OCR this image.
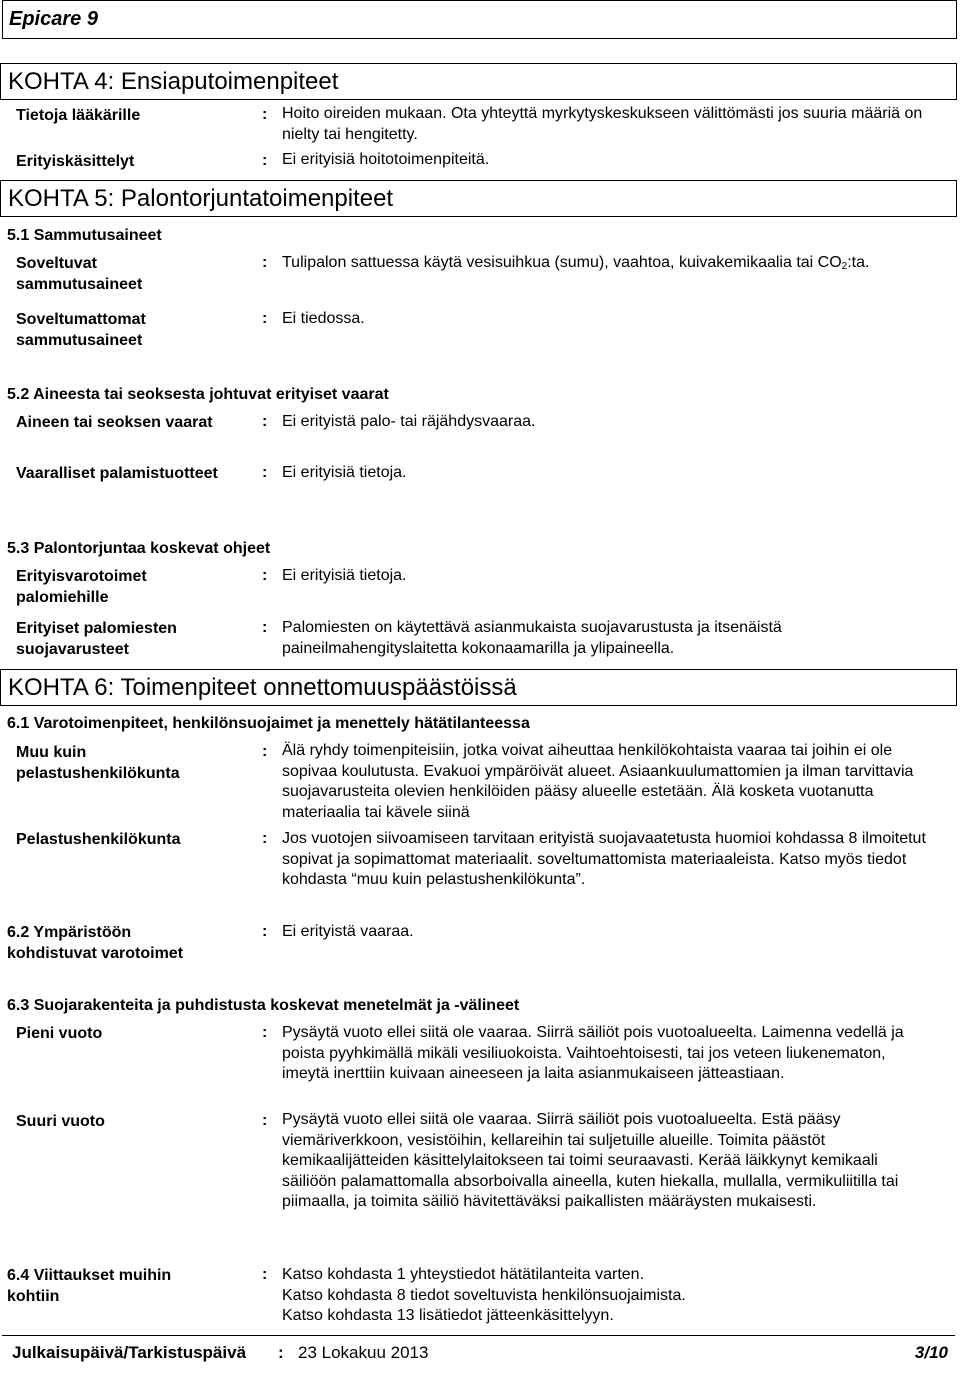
Epicare 9
KOHTA 4: Ensiaputoimenpiteet
Tietoja lääkärille	: Hoito oireiden mukaan. Ota yhteyttä myrkytyskeskukseen välittömästi jos suuria määriä on nielty tai hengitetty.
Erityiskäsittelyt	: Ei erityisiä hoitotoimenpiteitä.
KOHTA 5: Palontorjuntatoimenpiteet
5.1 Sammutusaineet
Soveltuvat
sammutusaineet
: Tulipalon sattuessa käytä vesisuihkua (sumu), vaahtoa, kuivakemikaalia tai $CO_2:ta$.
Soveltumattomat
sammutusaineet
: Ei tiedossa.
5.2 Aineesta tai seoksesta johtuvat erityiset vaarat
Aineen tai seoksen vaarat	: Ei erityistä palo- tai räjähdysvaaraa.
Vaaralliset palamistuotteet	: Ei erityisiä tietoja.
5.3 Palontorjuntaa koskevat ohjeet
Erityisvarotoimet
palomiehille
: Ei erityisiä tietoja.
Erityiset palomiesten
suojavarusteet
: Palomiesten on käytettävä asianmukaista suojavarustusta ja itsenäistä paineilmahengityslaitetta kokonaamarilla ja ylipaineella.
KOHTA 6: Toimenpiteet onnettomuuspäästöissä
6.1 Varotoimenpiteet, henkilönsuojaimet ja menettely hätätilanteessa
Muu kuin
pelastushenkilökunta
: Älä ryhdy toimenpiteisiin, jotka voivat aiheuttaa henkilökohtaista vaaraa tai joihin ei ole sopivaa koulutusta. Evakuoi ympäröivät alueet. Asiaankuulumattomien ja ilman tarvittavia suojavarusteita olevien henkilöiden pääsy alueelle estetään. Älä kosketa vuotanutta materiaalia tai kävele siinä
Pelastushenkilökunta	: Jos vuotojen siivoamiseen tarvitaan erityistä suojavaatetusta huomioi kohdassa 8 ilmoitetut sopivat ja sopimattomat materiaalit. soveltumattomista materiaaleista. Katso myös tiedot kohdasta “muu kuin pelastushenkilökunta”.
6.2 Ympäristöön
kohdistuvat varotoimet
: Ei erityistä vaaraa.
6.3 Suojarakenteita ja puhdistusta koskevat menetelmät ja -välineet
Pieni vuoto	: Pysäytä vuoto ellei siitä ole vaaraa. Siirrä säiliöt pois vuotoalueelta. Laimenna vedellä ja poista pyyhkimällä mikäli vesiliuokoista. Vaihtoehtoisesti, tai jos veteen liukenematon, imeytä inerttiin kuivaan aineeseen ja laita asianmukaiseen jätteastiaan.
Suuri vuoto	: Pysäytä vuoto ellei siitä ole vaaraa. Siirrä säiliöt pois vuotoalueelta. Estä pääsy viemäriverkkoon, vesistöihin, kellareihin tai suljetuille alueille. Toimita päästöt kemikaalijätteiden käsittelylaitokseen tai toimi seuraavasti. Kerää läikkynyt kemikaali säiliöön palamattomalla absorboivalla aineella, kuten hiekalla, mullalla, vermikuliitilla tai piimaalla, ja toimita säiliö hävitettäväksi paikallisten määräysten mukaisesti.
6.4 Viittaukset muihin
kohtiin
: Katso kohdasta 1 yhteystiedot hätätilanteita varten.
Katso kohdasta 8 tiedot soveltuvista henkilönsuojaimista.
Katso kohdasta 13 lisätiedot jätteenkäsittelyyn.
Julkaisupäivä/Tarkistuspäivä : 23 Lokakuu 2013	3/10
